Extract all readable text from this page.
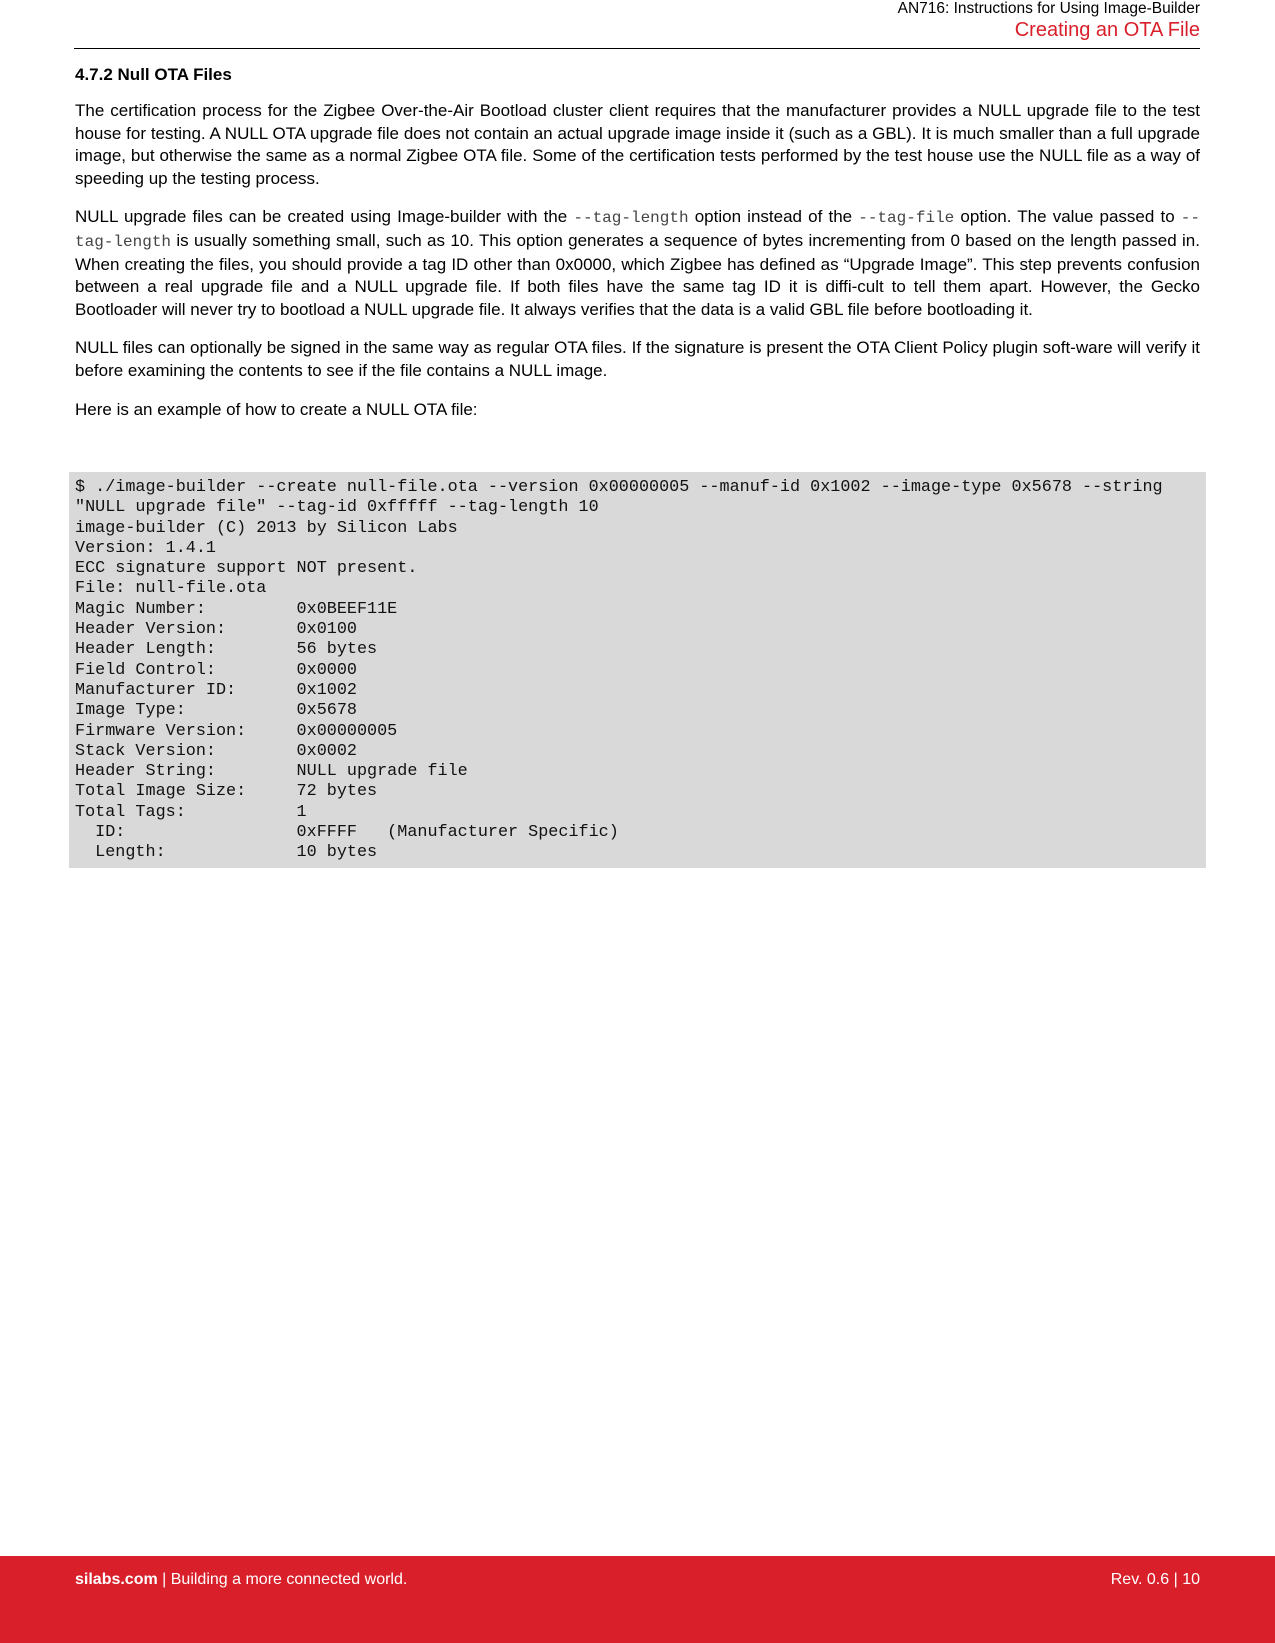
AN716: Instructions for Using Image-Builder
Creating an OTA File
4.7.2 Null OTA Files

The certification process for the Zigbee Over-the-Air Bootload cluster client requires that the manufacturer provides a NULL upgrade file to the test house for testing. A NULL OTA upgrade file does not contain an actual upgrade image inside it (such as a GBL). It is much smaller than a full upgrade image, but otherwise the same as a normal Zigbee OTA file. Some of the certification tests performed by the test house use the NULL file as a way of speeding up the testing process.

NULL upgrade files can be created using Image-builder with the --tag-length option instead of the --tag-file option. The value passed to --tag-length is usually something small, such as 10. This option generates a sequence of bytes incrementing from 0 based on the length passed in. When creating the files, you should provide a tag ID other than 0x0000, which Zigbee has defined as “Upgrade Image”. This step prevents confusion between a real upgrade file and a NULL upgrade file. If both files have the same tag ID it is diffi-cult to tell them apart. However, the Gecko Bootloader will never try to bootload a NULL upgrade file. It always verifies that the data is a valid GBL file before bootloading it.

NULL files can optionally be signed in the same way as regular OTA files. If the signature is present the OTA Client Policy plugin soft-ware will verify it before examining the contents to see if the file contains a NULL image.

Here is an example of how to create a NULL OTA file:

$ ./image-builder --create null-file.ota --version 0x00000005 --manuf-id 0x1002 --image-type 0x5678 --string
"NULL upgrade file" --tag-id 0xfffff --tag-length 10
image-builder (C) 2013 by Silicon Labs
Version: 1.4.1
ECC signature support NOT present.
File: null-file.ota
Magic Number:         0x0BEEF11E
Header Version:       0x0100
Header Length:        56 bytes
Field Control:        0x0000
Manufacturer ID:      0x1002
Image Type:           0x5678
Firmware Version:     0x00000005
Stack Version:        0x0002
Header String:        NULL upgrade file
Total Image Size:     72 bytes
Total Tags:           1
ID:                 0xFFFF   (Manufacturer Specific)
Length:             10 bytes
silabs.com | Building a more connected world.	Rev. 0.6 | 10
